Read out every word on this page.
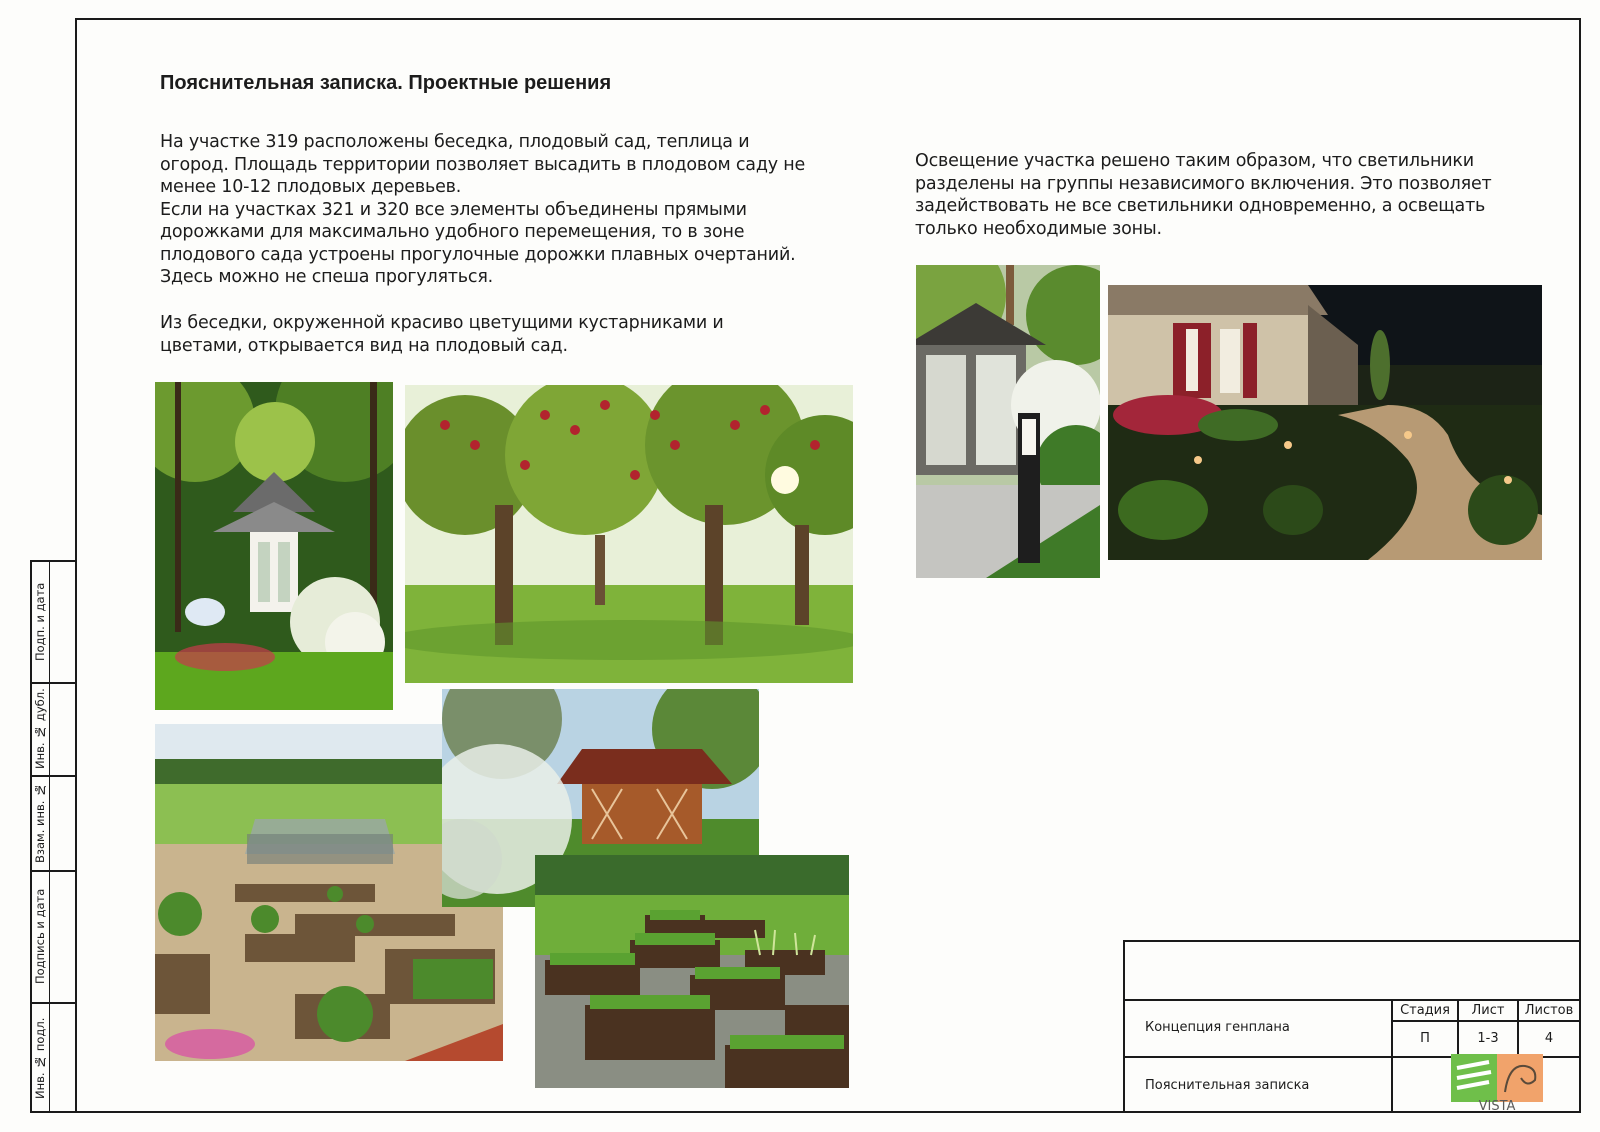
Подп. и дата
Инв. № дубл.
Взам. инв. №
Подпись и дата
Инв. № подл.
Пояснительная записка. Проектные решения
На участке 319 расположены беседка, плодовый сад, теплица и
огород. Площадь территории позволяет высадить в плодовом саду не
менее 10-12 плодовых деревьев.
Если на участках 321 и 320 все элементы объединены прямыми
дорожками для максимально удобного перемещения, то в зоне
плодового сада устроены прогулочные дорожки плавных очертаний.
Здесь можно не спеша прогуляться.
Из беседки, окруженной красиво цветущими кустарниками и
цветами, открывается вид на плодовый сад.
Освещение участка решено таким образом, что светильники
разделены на группы независимого включения. Это позволяет
задействовать не все светильники одновременно, а освещать
только необходимые зоны.
Концепция генплана
Пояснительная записка
Стадия	Лист	Листов
П	1-3	4
VISTA
